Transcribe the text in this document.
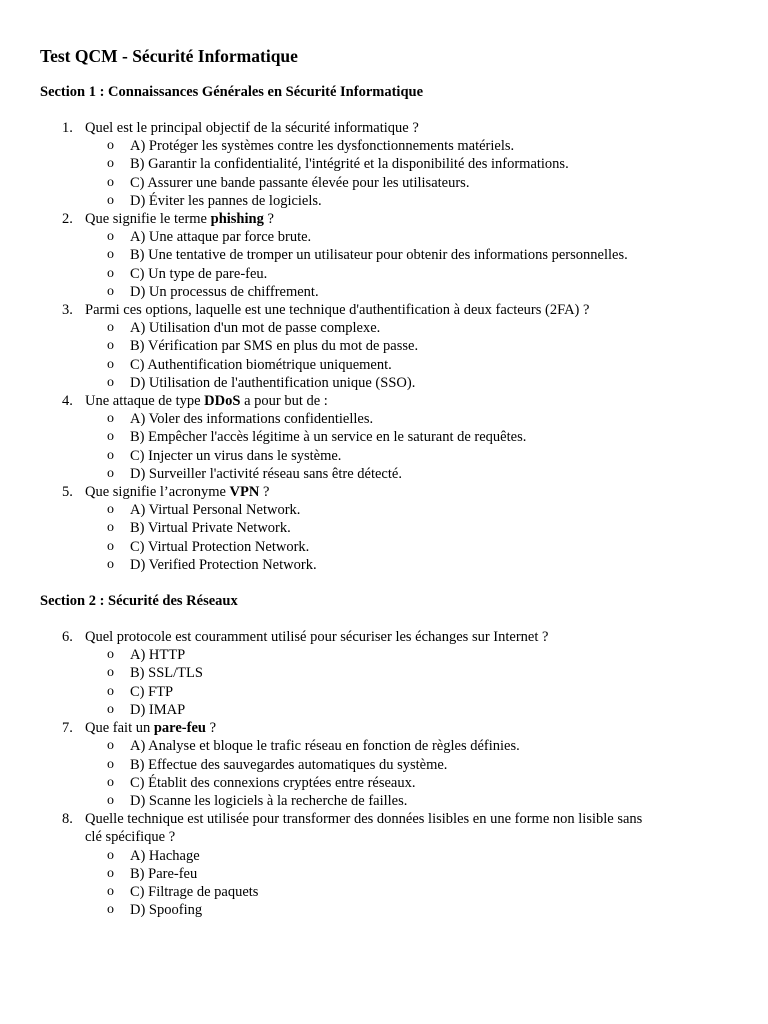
Test QCM - Sécurité Informatique
Section 1 : Connaissances Générales en Sécurité Informatique
1. Quel est le principal objectif de la sécurité informatique ?
o A) Protéger les systèmes contre les dysfonctionnements matériels.
o B) Garantir la confidentialité, l'intégrité et la disponibilité des informations.
o C) Assurer une bande passante élevée pour les utilisateurs.
o D) Éviter les pannes de logiciels.
2. Que signifie le terme phishing ?
o A) Une attaque par force brute.
o B) Une tentative de tromper un utilisateur pour obtenir des informations personnelles.
o C) Un type de pare-feu.
o D) Un processus de chiffrement.
3. Parmi ces options, laquelle est une technique d'authentification à deux facteurs (2FA) ?
o A) Utilisation d'un mot de passe complexe.
o B) Vérification par SMS en plus du mot de passe.
o C) Authentification biométrique uniquement.
o D) Utilisation de l'authentification unique (SSO).
4. Une attaque de type DDoS a pour but de :
o A) Voler des informations confidentielles.
o B) Empêcher l'accès légitime à un service en le saturant de requêtes.
o C) Injecter un virus dans le système.
o D) Surveiller l'activité réseau sans être détecté.
5. Que signifie l’acronyme VPN ?
o A) Virtual Personal Network.
o B) Virtual Private Network.
o C) Virtual Protection Network.
o D) Verified Protection Network.
Section 2 : Sécurité des Réseaux
6. Quel protocole est couramment utilisé pour sécuriser les échanges sur Internet ?
o A) HTTP
o B) SSL/TLS
o C) FTP
o D) IMAP
7. Que fait un pare-feu ?
o A) Analyse et bloque le trafic réseau en fonction de règles définies.
o B) Effectue des sauvegardes automatiques du système.
o C) Établit des connexions cryptées entre réseaux.
o D) Scanne les logiciels à la recherche de failles.
8. Quelle technique est utilisée pour transformer des données lisibles en une forme non lisible sans
clé spécifique ?
o A) Hachage
o B) Pare-feu
o C) Filtrage de paquets
o D) Spoofing
